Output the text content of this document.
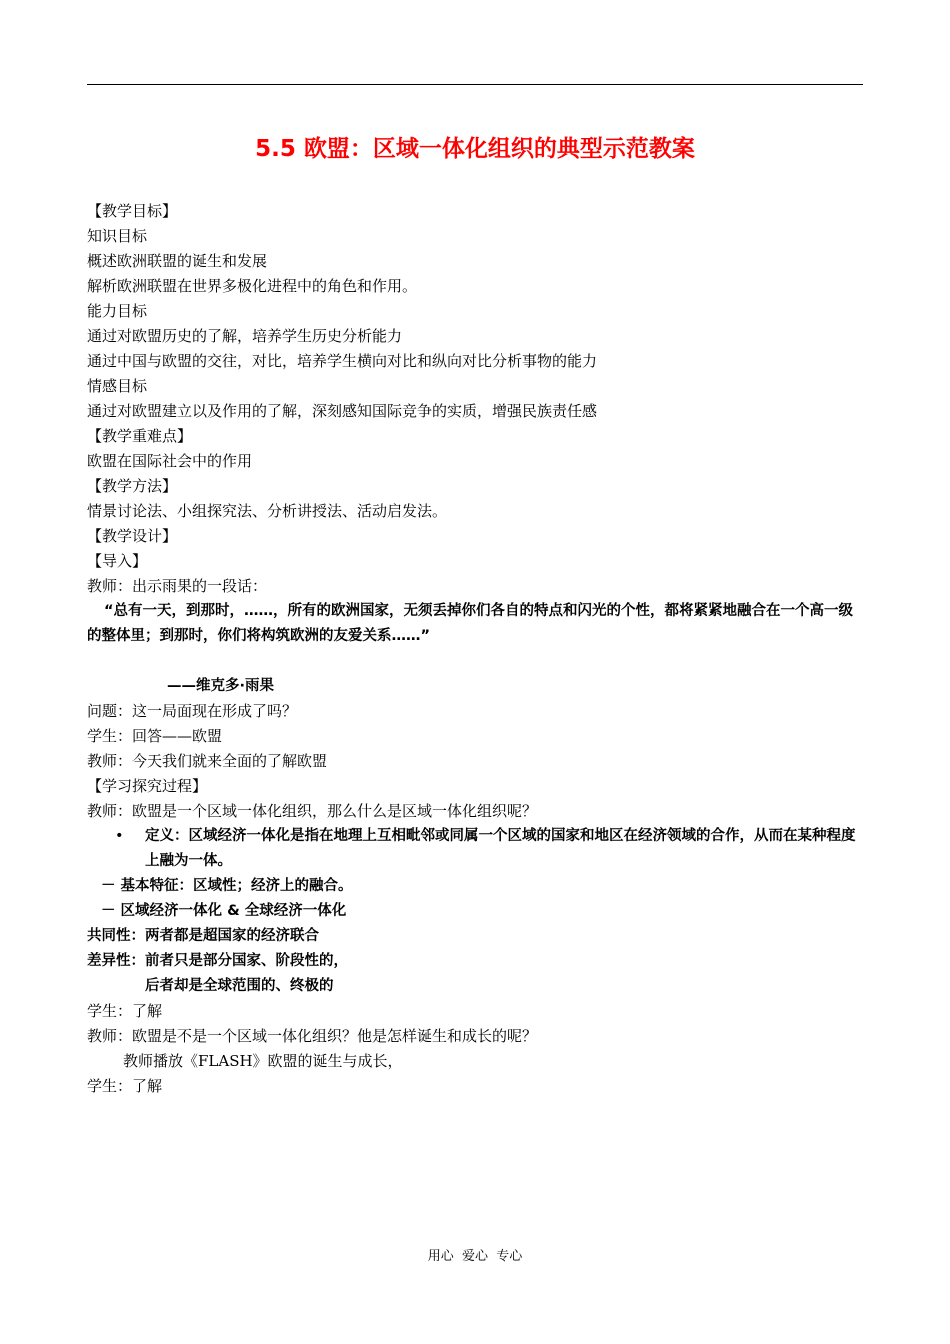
5.5 欧盟：区域一体化组织的典型示范教案
【教学目标】
知识目标
概述欧洲联盟的诞生和发展
解析欧洲联盟在世界多极化进程中的角色和作用。
能力目标
通过对欧盟历史的了解，培养学生历史分析能力
通过中国与欧盟的交往，对比，培养学生横向对比和纵向对比分析事物的能力
情感目标
通过对欧盟建立以及作用的了解，深刻感知国际竞争的实质，增强民族责任感
【教学重难点】
欧盟在国际社会中的作用
【教学方法】
情景讨论法、小组探究法、分析讲授法、活动启发法。
【教学设计】
【导入】
教师：出示雨果的一段话：
“总有一天，到那时，……，所有的欧洲国家，无须丢掉你们各自的特点和闪光的个性，都将紧紧地融合在一个高一级的整体里；到那时，你们将构筑欧洲的友爱关系……”
——维克多·雨果
问题：这一局面现在形成了吗？
学生：回答——欧盟
教师：今天我们就来全面的了解欧盟
【学习探究过程】
教师：欧盟是一个区域一体化组织，那么什么是区域一体化组织呢？
• 定义：区域经济一体化是指在地理上互相毗邻或同属一个区域的国家和地区在经济领域的合作，从而在某种程度上融为一体。
－ 基本特征：区域性；经济上的融合。
－ 区域经济一体化 & 全球经济一体化
共同性：两者都是超国家的经济联合
差异性：前者只是部分国家、阶段性的，
后者却是全球范围的、终极的
学生：了解
教师：欧盟是不是一个区域一体化组织？他是怎样诞生和成长的呢？
教师播放《FLASH》欧盟的诞生与成长，
学生：了解
用心  爱心  专心
